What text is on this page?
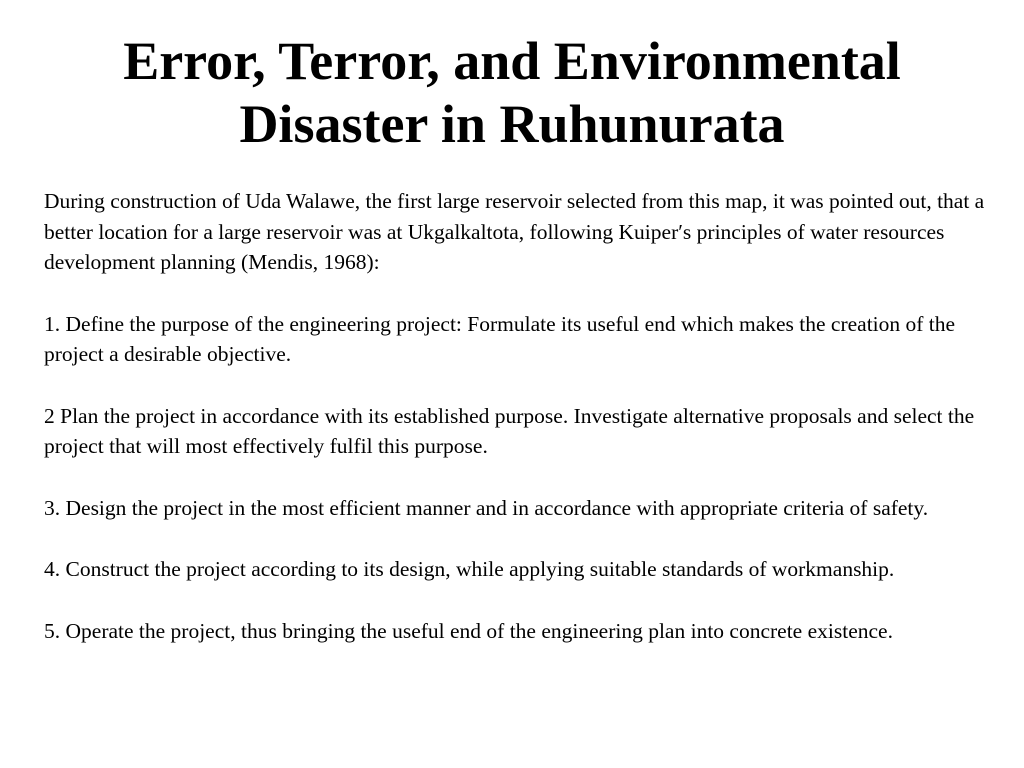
Error, Terror, and Environmental
Disaster in Ruhunurata

During construction of Uda Walawe, the first large reservoir selected from this map, it was pointed out, that a better location for a large reservoir was at Ukgalkaltota, following Kuiper′s principles of water resources development planning (Mendis, 1968):

1. Define the purpose of the engineering project: Formulate its useful end which makes the creation of the project a desirable objective.

2 Plan the project in accordance with its established purpose. Investigate alternative proposals and select the project that will most effectively fulfil this purpose.

3. Design the project in the most efficient manner and in accordance with appropriate criteria of safety.

4. Construct the project according to its design, while applying suitable standards of workmanship.

5. Operate the project, thus bringing the useful end of the engineering plan into concrete existence.
